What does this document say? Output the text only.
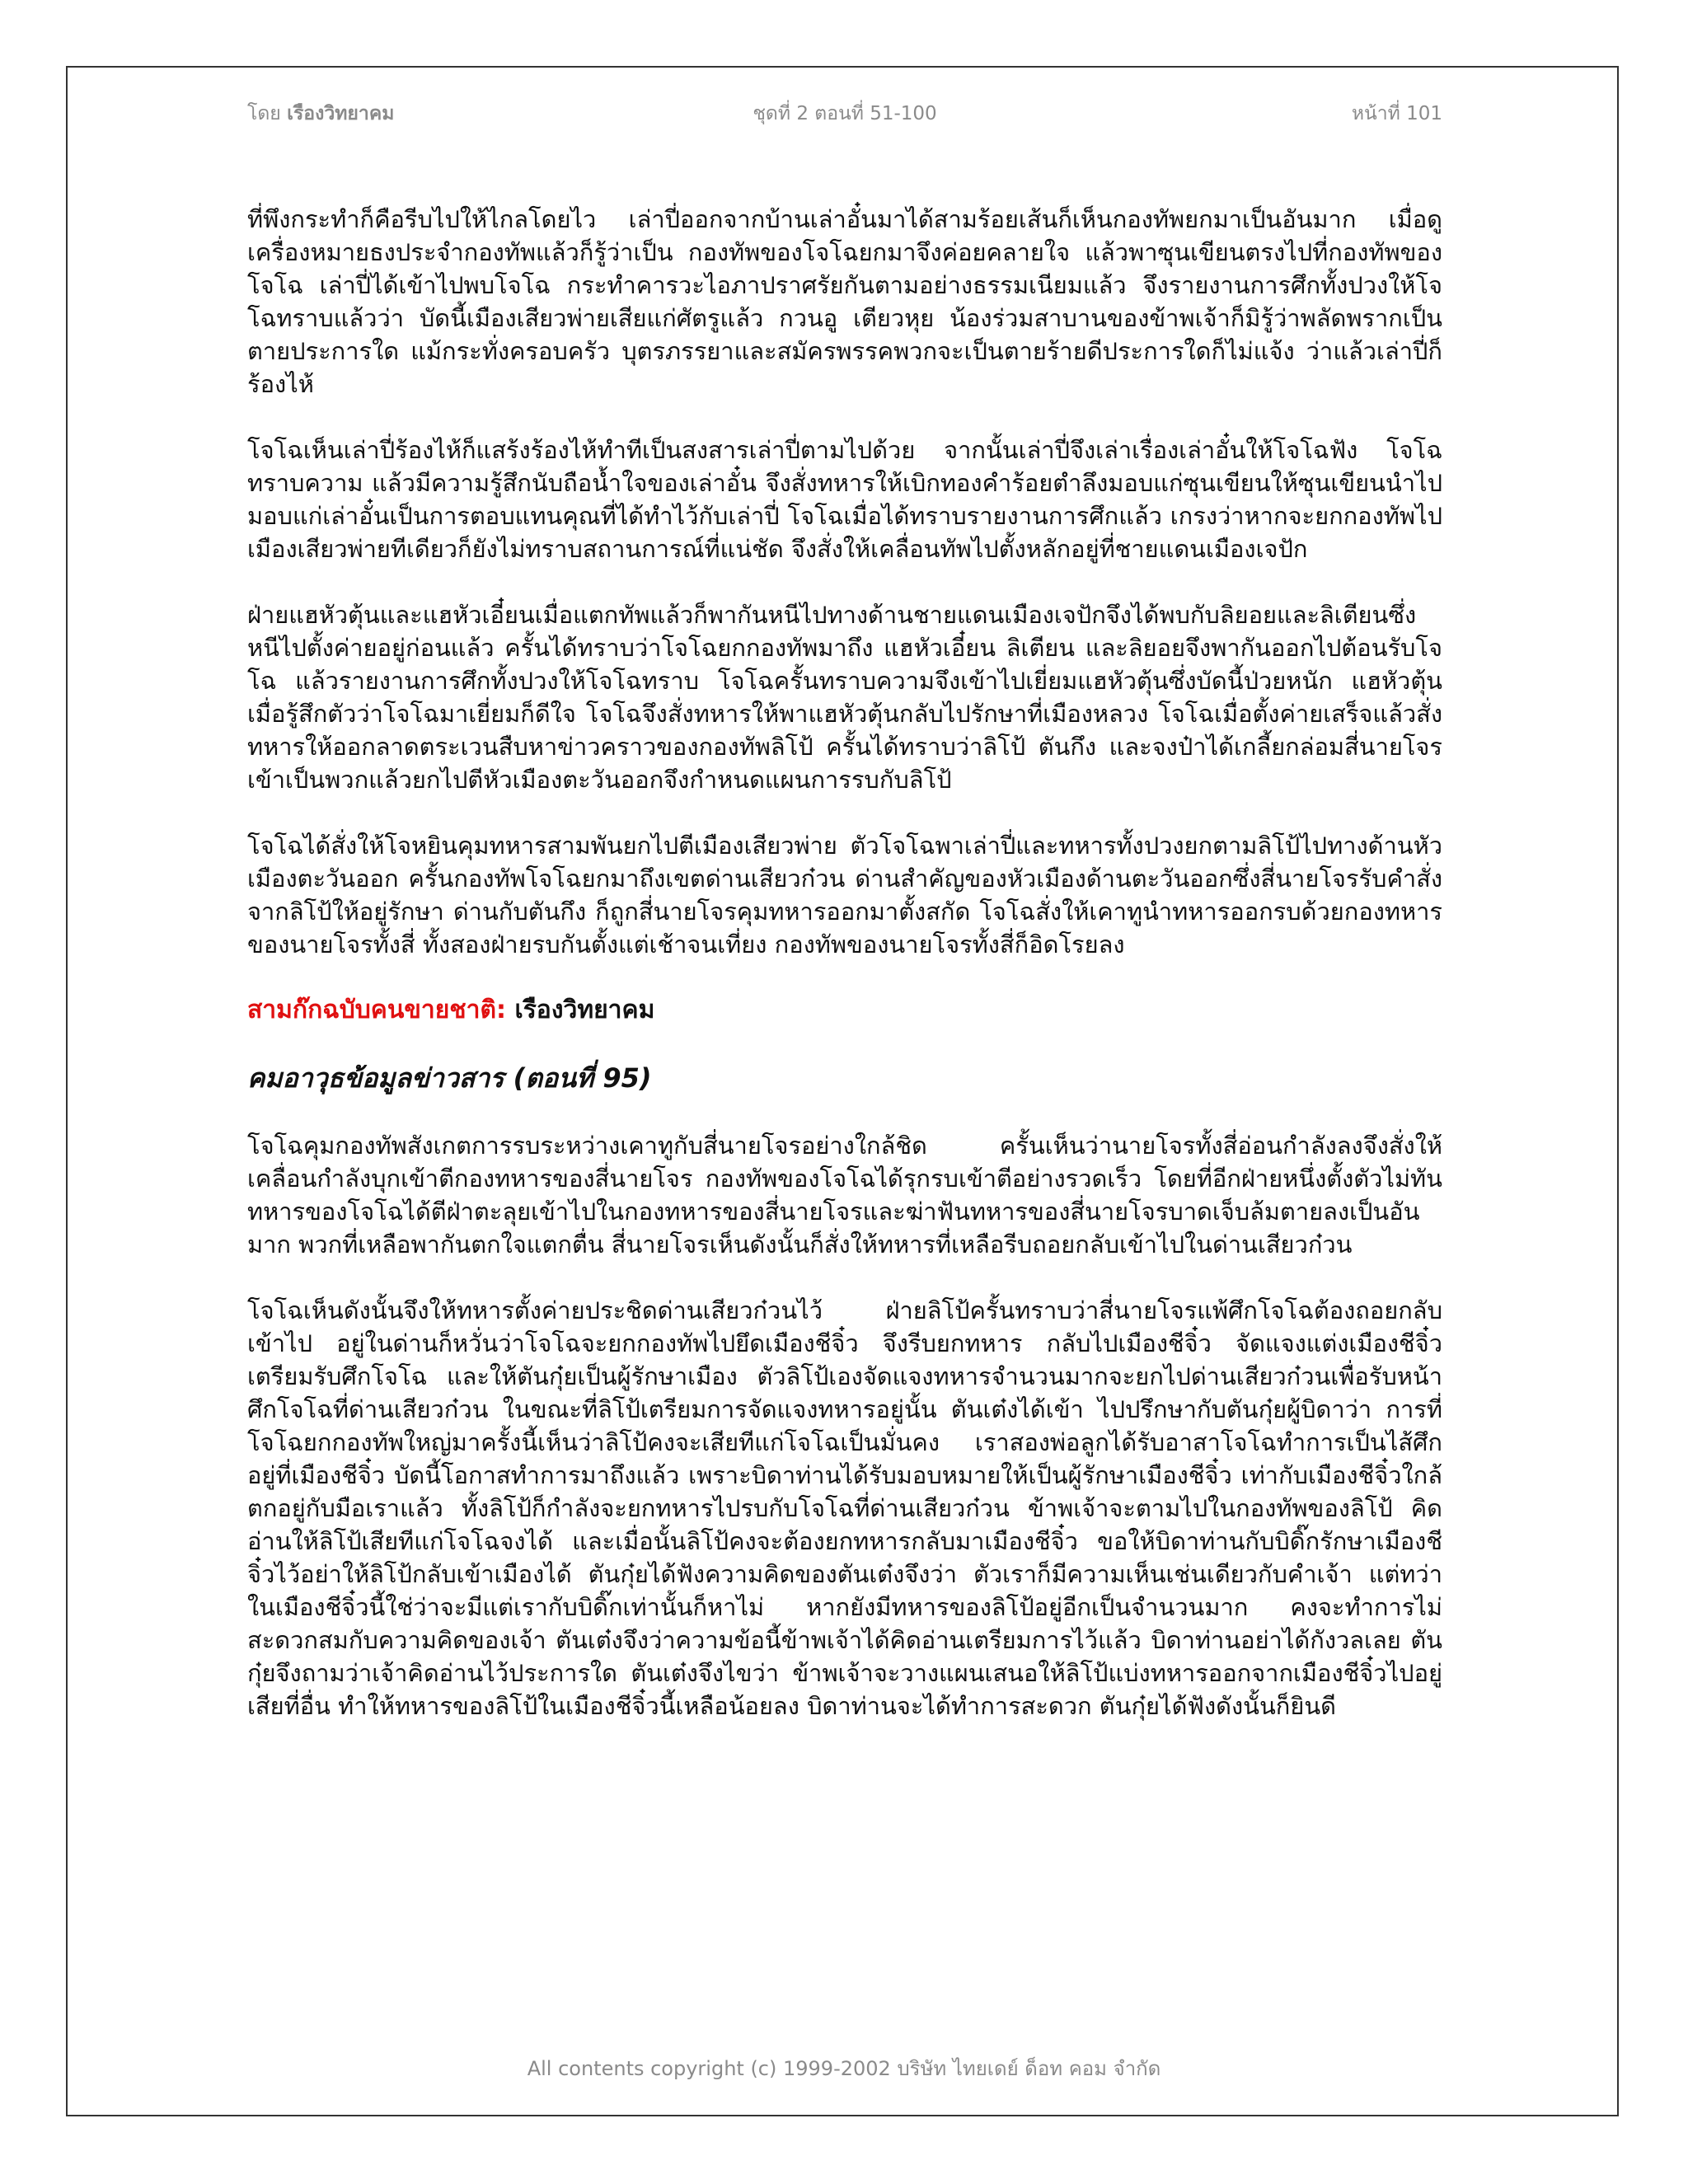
โดย เรืองวิทยาคม	ชุดที่ 2 ตอนที่ 51-100	หน้าที่ 101

ที่พึงกระทำก็คือรีบไปให้ไกลโดยไว เล่าปี่ออกจากบ้านเล่าอั๋นมาได้สามร้อยเส้นก็เห็นกองทัพยกมาเป็นอันมาก เมื่อดูเครื่องหมายธงประจำกองทัพแล้วก็รู้ว่าเป็น กองทัพของโจโฉยกมาจึงค่อยคลายใจ แล้วพาซุนเขียนตรงไปที่กองทัพของโจโฉ เล่าปี่ได้เข้าไปพบโจโฉ กระทำคารวะไอภาปราศรัยกันตามอย่างธรรมเนียมแล้ว จึงรายงานการศึกทั้งปวงให้โจโฉทราบแล้วว่า บัดนี้เมืองเสียวพ่ายเสียแก่ศัตรูแล้ว กวนอู เตียวหุย น้องร่วมสาบานของข้าพเจ้าก็มิรู้ว่าพลัดพรากเป็นตายประการใด แม้กระทั่งครอบครัว บุตรภรรยาและสมัครพรรคพวกจะเป็นตายร้ายดีประการใดก็ไม่แจ้ง ว่าแล้วเล่าปี่ก็ร้องไห้

โจโฉเห็นเล่าปี่ร้องไห้ก็แสร้งร้องไห้ทำทีเป็นสงสารเล่าปี่ตามไปด้วย จากนั้นเล่าปี่จึงเล่าเรื่องเล่าอั๋นให้โจโฉฟัง โจโฉทราบความ แล้วมีความรู้สึกนับถือน้ำใจของเล่าอั๋น จึงสั่งทหารให้เบิกทองคำร้อยตำลึงมอบแก่ซุนเขียนให้ซุนเขียนนำไปมอบแก่เล่าอั๋นเป็นการตอบแทนคุณที่ได้ทำไว้กับเล่าปี่ โจโฉเมื่อได้ทราบรายงานการศึกแล้ว เกรงว่าหากจะยกกองทัพไปเมืองเสียวพ่ายทีเดียวก็ยังไม่ทราบสถานการณ์ที่แน่ชัด จึงสั่งให้เคลื่อนทัพไปตั้งหลักอยู่ที่ชายแดนเมืองเจปัก

ฝ่ายแฮหัวตุ้นและแฮหัวเอี๋ยนเมื่อแตกทัพแล้วก็พากันหนีไปทางด้านชายแดนเมืองเจปักจึงได้พบกับลิยอยและลิเตียนซึ่งหนีไปตั้งค่ายอยู่ก่อนแล้ว ครั้นได้ทราบว่าโจโฉยกกองทัพมาถึง แฮหัวเอี๋ยน ลิเตียน และลิยอยจึงพากันออกไปต้อนรับโจโฉ แล้วรายงานการศึกทั้งปวงให้โจโฉทราบ โจโฉครั้นทราบความจึงเข้าไปเยี่ยมแฮหัวตุ้นซึ่งบัดนี้ป่วยหนัก แฮหัวตุ้นเมื่อรู้สึกตัวว่าโจโฉมาเยี่ยมก็ดีใจ โจโฉจึงสั่งทหารให้พาแฮหัวตุ้นกลับไปรักษาที่เมืองหลวง โจโฉเมื่อตั้งค่ายเสร็จแล้วสั่งทหารให้ออกลาดตระเวนสืบหาข่าวคราวของกองทัพลิโป้ ครั้นได้ทราบว่าลิโป้ ตันกึง และจงป๋าได้เกลี้ยกล่อมสี่นายโจรเข้าเป็นพวกแล้วยกไปตีหัวเมืองตะวันออกจึงกำหนดแผนการรบกับลิโป้

โจโฉได้สั่งให้โจหยินคุมทหารสามพันยกไปตีเมืองเสียวพ่าย ตัวโจโฉพาเล่าปี่และทหารทั้งปวงยกตามลิโป้ไปทางด้านหัวเมืองตะวันออก ครั้นกองทัพโจโฉยกมาถึงเขตด่านเสียวก๋วน ด่านสำคัญของหัวเมืองด้านตะวันออกซึ่งสี่นายโจรรับคำสั่งจากลิโป้ให้อยู่รักษา ด่านกับตันกึง ก็ถูกสี่นายโจรคุมทหารออกมาตั้งสกัด โจโฉสั่งให้เคาทูนำทหารออกรบด้วยกองทหารของนายโจรทั้งสี่ ทั้งสองฝ่ายรบกันตั้งแต่เช้าจนเที่ยง กองทัพของนายโจรทั้งสี่ก็อิดโรยลง

สามก๊กฉบับคนขายชาติ: เรืองวิทยาคม
คมอาวุธข้อมูลข่าวสาร (ตอนที่ 95)

โจโฉคุมกองทัพสังเกตการรบระหว่างเคาทูกับสี่นายโจรอย่างใกล้ชิด ครั้นเห็นว่านายโจรทั้งสี่อ่อนกำลังลงจึงสั่งให้เคลื่อนกำลังบุกเข้าตีกองทหารของสี่นายโจร กองทัพของโจโฉได้รุกรบเข้าตีอย่างรวดเร็ว โดยที่อีกฝ่ายหนึ่งตั้งตัวไม่ทัน ทหารของโจโฉได้ตีฝ่าตะลุยเข้าไปในกองทหารของสี่นายโจรและฆ่าฟันทหารของสี่นายโจรบาดเจ็บล้มตายลงเป็นอันมาก พวกที่เหลือพากันตกใจแตกตื่น สี่นายโจรเห็นดังนั้นก็สั่งให้ทหารที่เหลือรีบถอยกลับเข้าไปในด่านเสียวก๋วน

โจโฉเห็นดังนั้นจึงให้ทหารตั้งค่ายประชิดด่านเสียวก๋วนไว้ ฝ่ายลิโป้ครั้นทราบว่าสี่นายโจรแพ้ศึกโจโฉต้องถอยกลับเข้าไป อยู่ในด่านก็หวั่นว่าโจโฉจะยกกองทัพไปยึดเมืองชีจิ๋ว จึงรีบยกทหาร กลับไปเมืองชีจิ๋ว จัดแจงแต่งเมืองชีจิ๋วเตรียมรับศึกโจโฉ และให้ตันกุ๋ยเป็นผู้รักษาเมือง ตัวลิโป้เองจัดแจงทหารจำนวนมากจะยกไปด่านเสียวก๋วนเพื่อรับหน้าศึกโจโฉที่ด่านเสียวก๋วน ในขณะที่ลิโป้เตรียมการจัดแจงทหารอยู่นั้น ตันเต๋งได้เข้า ไปปรึกษากับตันกุ๋ยผู้บิดาว่า การที่โจโฉยกกองทัพใหญ่มาครั้งนี้เห็นว่าลิโป้คงจะเสียทีแก่โจโฉเป็นมั่นคง เราสองพ่อลูกได้รับอาสาโจโฉทำการเป็นไส้ศึกอยู่ที่เมืองชีจิ๋ว บัดนี้โอกาสทำการมาถึงแล้ว เพราะบิดาท่านได้รับมอบหมายให้เป็นผู้รักษาเมืองชีจิ๋ว เท่ากับเมืองชีจิ๋วใกล้ตกอยู่กับมือเราแล้ว ทั้งลิโป้ก็กำลังจะยกทหารไปรบกับโจโฉที่ด่านเสียวก๋วน ข้าพเจ้าจะตามไปในกองทัพของลิโป้ คิดอ่านให้ลิโป้เสียทีแก่โจโฉจงได้ และเมื่อนั้นลิโป้คงจะต้องยกทหารกลับมาเมืองชีจิ๋ว ขอให้บิดาท่านกับบิดิ๊กรักษาเมืองชีจิ๋วไว้อย่าให้ลิโป้กลับเข้าเมืองได้ ตันกุ๋ยได้ฟังความคิดของตันเต๋งจึงว่า ตัวเราก็มีความเห็นเช่นเดียวกับคำเจ้า แต่ทว่าในเมืองชีจิ๋วนี้ใช่ว่าจะมีแต่เรากับบิดิ๊กเท่านั้นก็หาไม่ หากยังมีทหารของลิโป้อยู่อีกเป็นจำนวนมาก คงจะทำการไม่สะดวกสมกับความคิดของเจ้า ตันเต๋งจึงว่าความข้อนี้ข้าพเจ้าได้คิดอ่านเตรียมการไว้แล้ว บิดาท่านอย่าได้กังวลเลย ตันกุ๋ยจึงถามว่าเจ้าคิดอ่านไว้ประการใด ตันเต๋งจึงไขว่า ข้าพเจ้าจะวางแผนเสนอให้ลิโป้แบ่งทหารออกจากเมืองชีจิ๋วไปอยู่เสียที่อื่น ทำให้ทหารของลิโป้ในเมืองชีจิ๋วนี้เหลือน้อยลง บิดาท่านจะได้ทำการสะดวก ตันกุ๋ยได้ฟังดังนั้นก็ยินดี

All contents copyright (c) 1999-2002 บริษัท ไทยเดย์ ด็อท คอม จำกัด
